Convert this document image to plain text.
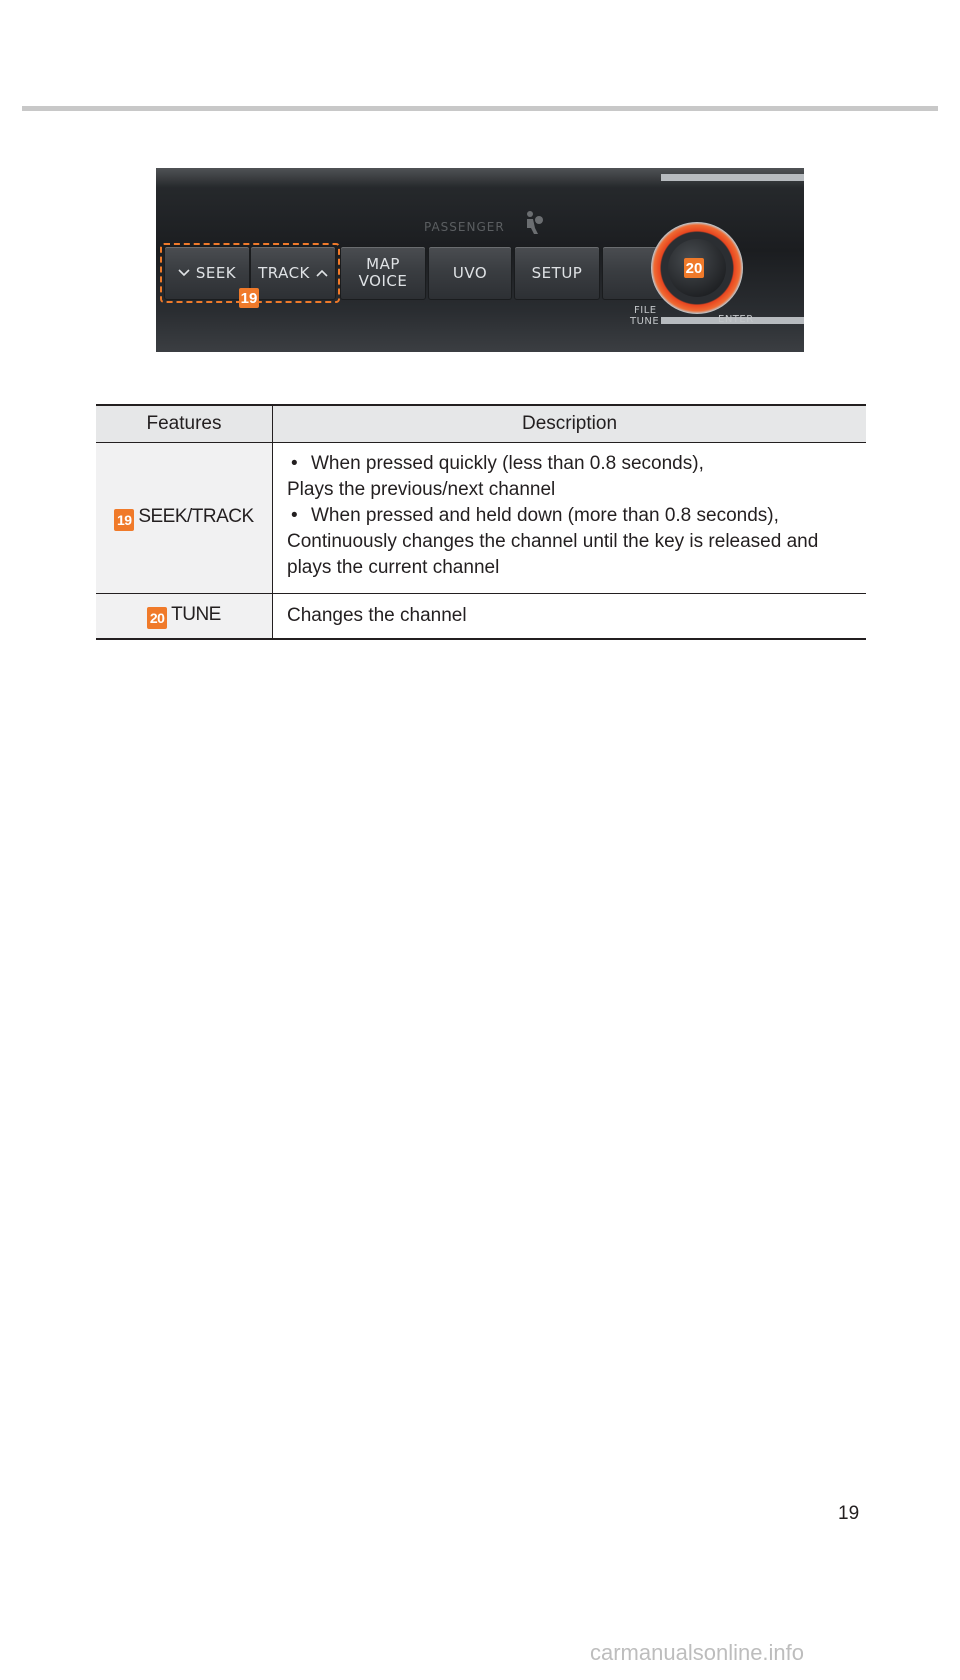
PASSENGER
SEEK TRACK	MAP
VOICE	UVO	SETUP
19
20
FILE
TUNE	ENTER
Features	Description
19 SEEK/TRACK	• When pressed quickly (less than 0.8 seconds),
Plays the previous/next channel
• When pressed and held down (more than 0.8 seconds),
Continuously changes the channel until the key is released and
plays the current channel

20 TUNE	Changes the channel
19
carmanualsonline.info
